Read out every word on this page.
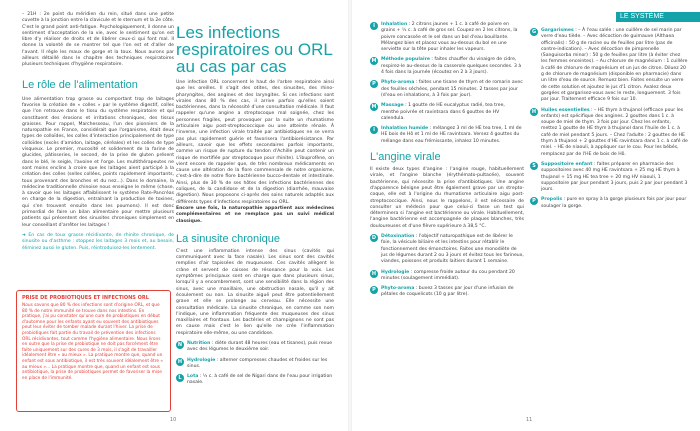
– 21H : 2e point du méridien du rein, situé dans une petite cuvette à la jonction entre la clavicule et le sternum et la 2e côte. C'est le grand point anti-fatigue. Psychologiquement, il donne un sentiment d'acceptation de la vie, avec le sentiment qu'on est libre d'y réaliser de droits et de libérer ceux-ci qui font mal. Il donne la volonté de se montrer tel que l'on est et d'aller de l'avant. Il règle les maux de gorge et la toux. Nous aurons par ailleurs détaillé dans le chapitre des techniques respiratoires plusieurs techniques d'hygiène respiratoire.

Le rôle de l'alimentation

Une alimentation trop grasse ou comportant trop de laitages favorise la création de « colles » par le système digestif, colles que l'on retrouve dans le tissu du système respiratoire et qui constituent des érosions et irritations chroniques, des tissus graisses. Pour rappel, Marchesseau, l'un des pionniers de la naturopathie en France, considérait que l'organisme, était deux types de colloïdes, les colles d'interaction principalement de type colloïdes (excès d'amidon, laitage, céréales) et les colles de type visqueux. Le premier, mucosité et solidement de la farine de glucides, pâtisseries, le second, de la prise de gluten présent dans le blé, le seigle, l'avoine et l'orge. Les multithérapeutes ne sont moins enclins à croire que les laitages aient participé à la création des colles (selles collées, points rapidement importants, toux provenant des bronches et du nez...). Dans le domaine, la médecine traditionnelle chinoise nous enseigne le même (chose, à savoir que les laitages affaiblissent le système Rate-Pancréas en charge de la digestion, entraînant la production de toxines, qui s'en trouvent ensuite dans les poumons). Il est donc primordial de faire un bilan alimentaire pour mettre plusieurs patients qui présentent des sinusites chroniques simplement en leur conseillant d'arrêter les laitages !

➜ En cas de toux grasse récidivante, de rhinite chronique, de sinusite ou d'asthme : stoppez les laitages 3 mois et, au besoin, éliminez aussi le gluten. Puis, réintroduisez-les lentement.

PRISE DE PROBIOTIQUES ET INFECTIONS ORL

Nous savons que 80 % des infections sont d'origine ORL, et que 80 % de notre immunité se trouve dans nos intestins. En pratique, j'ai pu constater qu'une cure de probiotiques en début d'automne pour les enfants ayant eu souvent des antibiotiques peut leur éviter de tomber malade durant l'hiver. La prise de probiotiques fait partie du travail de prévention des infections ORL récidivantes, tout comme l'hygiène alimentaire. Nous lirons en outre que la prise de probiotique ne doit pas forcément être faite uniquement sur des cures de 3 mois, il s'agit de travailler idéalement être « au mieux ». La pratique montre que, quand un enfant est sous antibiotique, il est très souvent idéalement être « au mieux »… La pratique montre que, quand un enfant est sous antibiotique, la prise de probiotiques permet de favoriser la mise en place de l'immunité.

Les infections respiratoires ou ORL au cas par cas

Une infection ORL concernent le haut de l'arbre respiratoire ainsi que les oreilles. Il s'agit des otites, des sinusites, des rhino-pharyngites, des angines et des laryngites. Si ces infections sont virales dans 80 % des cas, il arrive parfois qu'elles soient bactériennes, dans la nécessité d'une consultation médicale. Il faut rappeler qu'une angine a streptocoque mal soignée, chez les personnes fragiles, peut provoquer par la suite un rhumatisme articulaire aigu post-streptococcique ou une atteinte rénale. À l'inverse, une infection virale traitée par antibiotiques ne se verra pas plus rapidement guérie et favorisera l'antibiorésistance. Par ailleurs, savoir que les effets secondaires parfois importants, comme un risque de rupture du tendon d'Achille peut contenir un risque de mortifiée par streptocoque pour rhinite). L'ibuprofène, on vient encore de rappeler que, de très nombreux médicaments en cause une altération de la flore commensale de notre organisme, c'est-à-dire de notre flore bactérienne bucco-dentale et intestinale. Ainsi, plus de 30 % de ses hôtes des infections bactériennes des coliques, de la candidose et de la digestion (diarrhée, mauvaise digestion). Nous proposons ci-après des soins naturels adaptés aux différents types d'infections respiratoires ou ORL.

Encore une fois, la naturopathie appartient aux médecines complémentaires et ne remplace pas un suivi médical classique.

La sinusite chronique

C'est une inflammation intense des sinus (cavités qui communiquent avec la face nasale). Les sinus sont des cavités remplies d'air tapissées de muqueuses. Ces cavités allègent le crâne et servent de caisses de résonance pour la voix. Les symptômes principaux sont en charge que dans plusieurs sinus, lorsqu'il y a encombrement, sont une sensibilité dans la région des sinus, avec une maxillaire, une obstruction nasale, qu'il y ait écoulement ou non. La sinusite aiguë peut être potentiellement grave et elle se prolonge au cerveau. Elle nécessite une consultation médicale. La sinusite chronique, en comme son nom l'indique, une inflammation fréquente des muqueuses des sinus maxillaires et frontaux. Les bactéries et champignons ne sont pas en cause mais c'est le lien qu'elle ne crée l'inflammation respiratoire elle-même, ou une candidose.

N	Nutrition : diète durant 48 heures (eau et tisanes), puis revue avec des légumes le deuxième soir.
H	Hydrologie : alterner compresses chaudes et froides sur les sinus.
L	Lota : ½ c. à café de sel de Nigari dans de l'eau pour irrigation nasale.
10
LE SYSTÈME RESPIRATOIRE
I	Inhalation : 2 citrons jaunes + 1 c. à café de poivre en grains + ½ c. à café de gros sel. Coupez en 2 les citrons, la poivre concassée et le sel dans un bol d'eau bouillante. Mélangez bien et placez vous au-dessus du bol en une serviette sur la tête pour inhaler les vapeurs.
M Méthode populaire : faites chauffer du vinaigre de cidre, respirez-le au-dessus de la casserole quelques secondes. 3 à 4 fois dans la journée (écoutez en 2 à 3 jours).
P	Phyto-aroma : faites une tisane de thym et de romarin avec des feuilles séchées, pendant 15 minutes. 2 tasses par jour (d'eau en inhalations, à 3 fois par jour).
M Massage : 1 goutte de HE eucalyptus radié, tea tree, menthe poivrée et ravintsara dans 6 gouttes de HV calendula.
I	Inhalation humide : mélangez 3 ml de HE tea tree, 1 ml de HE bois de Hô et 1 ml de HE ravintsara. Versez 4 gouttes du mélange dans eau frémissante, inhalez 10 minutes.

L'angine virale

Il existe deux types d'angine : l'angine rouge, habituellement virale, et l'angine blanche (érythémato-pultacée), souvent bactérienne, qui nécessite la prise d'antibiotiques. Une angine d'apparence bénigne peut être également grave par un strepto-coque, elle est à l'origine du rhumatisme articulaire aigu post-streptococcique. Ainsi, nous le rappelons, il est nécessaire de consulter un médecin pour que celui-ci fasse un test qui déterminera si l'angine est bactérienne ou virale. Habituellement, l'angine bactérienne est accompagnée de plaques blanches, très douloureuses et d'une fièvre supérieure à 38,5 °C.

D	Détoxination : l'objectif naturopathique est de libérer le foie, la vésicule biliaire et les intestins pour rétablir le fonctionnement des émonctoires. Faites une monodiète de jus de légumes durant 2 ou 3 jours et évitez tous les farineux, viandes, poissons et produits laitiers durant 1 semaine.
H	Hydrologie : compresse froide autour du cou pendant 20 minutes (soulagement immédiat).
P	Phyto-aroma : buvez 3 tasses par jour d'une infusion de pétales de coquelicots (10 g par litre).
G	Gargarismes : – À l'eau salée : une cuillère de sel marin par verre d'eau tiède. – Avec décoction de guimauve (Althaea officinalis) : 50 g de racine ou de feuilles par litre (pas de contre-indication). – Avec décoction de pimprenelle (Sanguisorba minor) : 50 g de feuilles par litre (à éviter chez les femmes enceintes). – Au chlorure de magnésium : 1 cuillère à café de chlorure de magnésium et un jus de citron. Diluez 20 g de chlorure de magnésium (disponible en pharmacie) dans un litre d'eau de source. Remuez bien. Faites ensuite un verre de cette solution et ajoutez le jus d'1 citron. Avalez deux gorgées et gargarisez-vous avec le reste, longuement. 3 fois par jour. Traitement efficace 9 fois sur 10.
H	Huiles essentielles : – HE thym à thujanol (efficace pour les enfants) est spécifique des angines. 2 gouttes dans 1 c. à soupe de miel de thym. 3 fois par jour. Chez les enfants, mettez 1 goutte de HE thym à thujanol dans l'huile de 1 c. à café de miel pendant 5 jours. – Chez l'adulte : 2 gouttes de HE thym à thujanol + 2 gouttes d'HE ravintsara dans 1 c. à café de miel. – HE de niaouli, à appliquer sur le cou. Pour les bébés, remplacez par de l'HE de bois de Hô.
S	Suppositoire enfant : faites préparer en pharmacie des suppositoires avec 40 mg HE ravintsara + 25 mg HE thym à thujanol + 15 mg HE tea tree + 20 mg HV niaouli, 1 suppositoire par jour pendant 3 jours, puis 2 par jour pendant 3 jours.
P	Propolis : pure en spray à la gorge plusieurs fois par jour pour soulager la gorge.
11
